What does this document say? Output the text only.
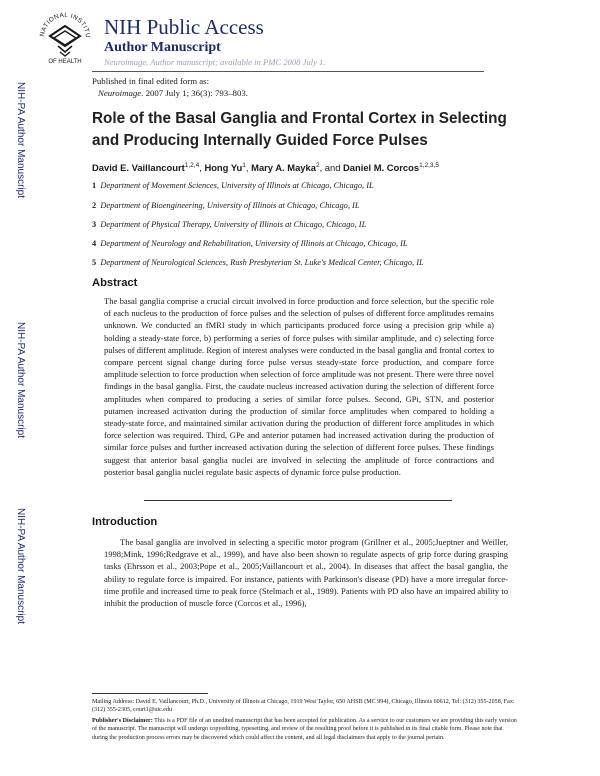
NATIONAL INSTITU
OF HEALTH
NIH Public Access
Author Manuscript
Neuroimage. Author manuscript; available in PMC 2008 July 1.
Published in final edited form as:
Neuroimage. 2007 July 1; 36(3): 793–803.
NIH-PA Author Manuscript
NIH-PA Author Manuscript
NIH-PA Author Manuscript
Role of the Basal Ganglia and Frontal Cortex in Selecting and Producing Internally Guided Force Pulses
David E. Vaillancourt$^{1,2,4}$, Hong Yu$^1$, Mary A. Mayka$^2$, and Daniel M. Corcos$^{1,2,3,5}$
1 Department of Movement Sciences, University of Illinois at Chicago, Chicago, IL
2 Department of Bioengineering, University of Illinois at Chicago, Chicago, IL
3 Department of Physical Therapy, University of Illinois at Chicago, Chicago, IL
4 Department of Neurology and Rehabilitation, University of Illinois at Chicago, Chicago, IL
5 Department of Neurological Sciences, Rush Presbyterian St. Luke's Medical Center, Chicago, IL
Abstract
The basal ganglia comprise a crucial circuit involved in force production and force selection, but the specific role of each nucleus to the production of force pulses and the selection of pulses of different force amplitudes remains unknown. We conducted an fMRI study in which participants produced force using a precision grip while a) holding a steady-state force, b) performing a series of force pulses with similar amplitude, and c) selecting force pulses of different amplitude. Region of interest analyses were conducted in the basal ganglia and frontal cortex to compare percent signal change during force pulse versus steady-state force production, and compare force amplitude selection to force production when selection of force amplitude was not present. There were three novel findings in the basal ganglia. First, the caudate nucleus increased activation during the selection of different force amplitudes when compared to producing a series of similar force pulses. Second, GPi, STN, and posterior putamen increased activation during the production of similar force amplitudes when compared to holding a steady-state force, and maintained similar activation during the production of different force amplitudes in which force selection was required. Third, GPe and anterior putamen had increased activation during the production of similar force pulses and further increased activation during the selection of different force pulses. These findings suggest that anterior basal ganglia nuclei are involved in selecting the amplitude of force contractions and posterior basal ganglia nuclei regulate basic aspects of dynamic force pulse production.
Introduction
The basal ganglia are involved in selecting a specific motor program (Grillner et al., 2005;Jueptner and Weiller, 1998;Mink, 1996;Redgrave et al., 1999), and have also been shown to regulate aspects of grip force during grasping tasks (Ehrsson et al., 2003;Pope et al., 2005;Vaillancourt et al., 2004). In diseases that affect the basal ganglia, the ability to regulate force is impaired. For instance, patients with Parkinson's disease (PD) have a more irregular force-time profile and increased time to peak force (Stelmach et al., 1989). Patients with PD also have an impaired ability to inhibit the production of muscle force (Corcos et al., 1996),
Mailing Address: David E. Vaillancourt, Ph.D., University of Illinois at Chicago, 1919 West Taylor, 650 AHSB (MC 994), Chicago, Illinois 60612, Tel: (312) 355-2058, Fax: (312) 355-2305, court1@uic.edu
Publisher's Disclaimer: This is a PDF file of an unedited manuscript that has been accepted for publication. As a service to our customers we are providing this early version of the manuscript. The manuscript will undergo copyediting, typesetting, and review of the resulting proof before it is published in its final citable form. Please note that during the production process errors may be discovered which could affect the content, and all legal disclaimers that apply to the journal pertain.
